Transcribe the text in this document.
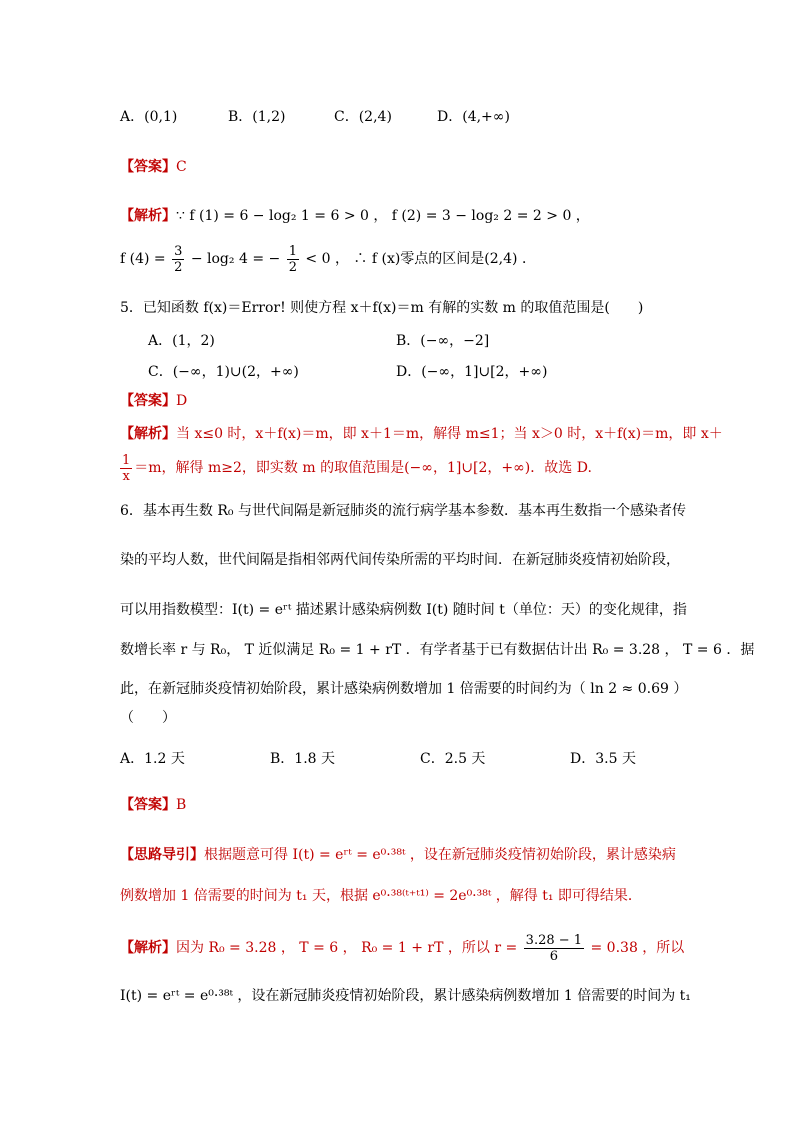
A．(0,1)	B．(1,2)	C．(2,4)	D．(4,+∞)
【答案】C
【解析】∵ f (1) = 6 − log₂ 1 = 6 > 0 ， f (2) = 3 − log₂ 2 = 2 > 0 ，
f $(4) = \frac{3}{2} - \log_2$ 4 = − $\frac{1}{2} < 0$ ， ∴ f (x)零点的区间是(2,4) ．
5．已知函数 f(x)＝Error! 则使方程 x＋f(x)＝m 有解的实数 m 的取值范围是(　　)
A．(1，2)	B．(−∞，−2]
C．(−∞，1)∪(2，+∞)	D．(−∞，1]∪[2，+∞)
【答案】D
【解析】当 x≤0 时，x＋f(x)＝m，即 x＋1＝m，解得 m≤1；当 x＞0 时，x＋f(x)＝m，即 x＋
$\frac{1}{x} =m$，解得 m≥2，即实数 m 的取值范围是(−∞，1]∪[2，+∞)．故选 D.
6．基本再生数 R₀ 与世代间隔是新冠肺炎的流行病学基本参数．基本再生数指一个感染者传
染的平均人数，世代间隔是指相邻两代间传染所需的平均时间．在新冠肺炎疫情初始阶段，
可以用指数模型：I(t) = eʳᵗ 描述累计感染病例数 I(t) 随时间 t（单位：天）的变化规律，指
数增长率 r 与 R₀， T 近似满足 R₀ = 1 + rT ．有学者基于已有数据估计出 R₀ = 3.28 ， T = 6 ．据
此，在新冠肺炎疫情初始阶段，累计感染病例数增加 1 倍需要的时间约为（ ln 2 ≈ 0.69 ）
（　　）
A．1.2 天	B．1.8 天	C．2.5 天	D．3.5 天
【答案】B
【思路导引】根据题意可得 I(t) = eʳᵗ = e⁰·³⁸ᵗ ，设在新冠肺炎疫情初始阶段，累计感染病
例数增加 1 倍需要的时间为 t₁ 天，根据 e⁰·³⁸⁽ᵗ⁺ᵗ¹⁾ = 2e⁰·³⁸ᵗ ，解得 t₁ 即可得结果．
【解析】因为 R₀ = 3.28 ， T = 6 ， R₀ = 1 + rT ，所以 $r = \frac{3.28 - 1}{6} = 0.38$ ，所以
I(t) = eʳᵗ = e⁰·³⁸ᵗ ，设在新冠肺炎疫情初始阶段，累计感染病例数增加 1 倍需要的时间为 t₁
